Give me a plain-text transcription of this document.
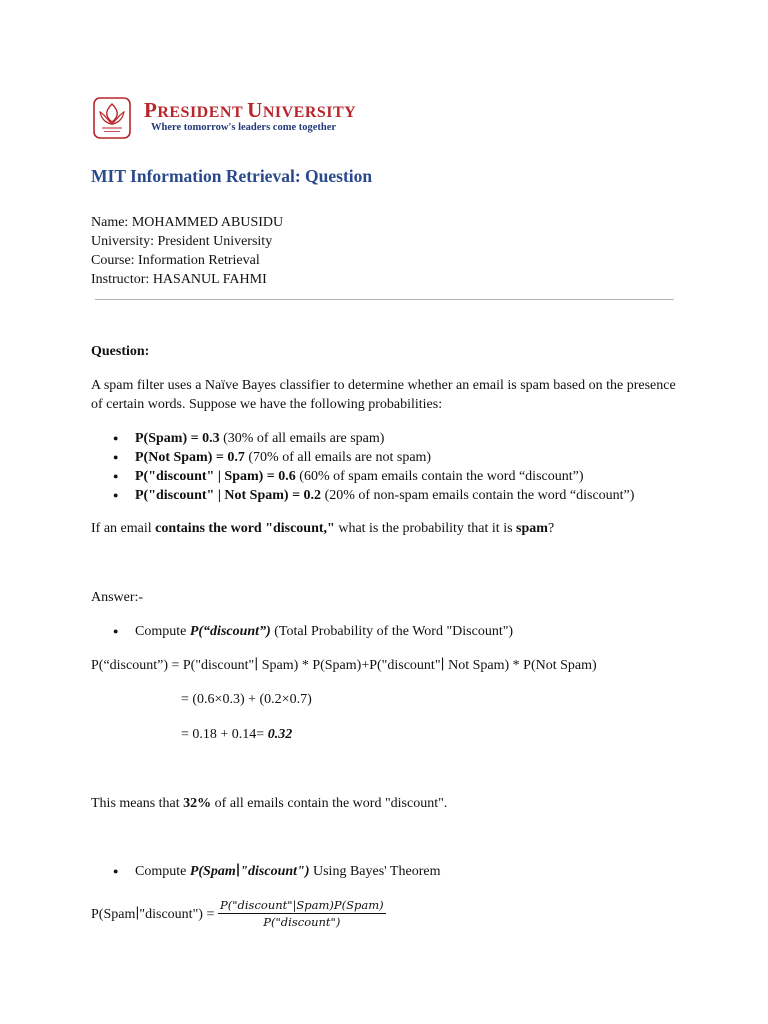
PRESIDENT UNIVERSITY
Where tomorrow's leaders come together
MIT Information Retrieval: Question
Name: MOHAMMED ABUSIDU
University: President University
Course: Information Retrieval
Instructor: HASANUL FAHMI
Question:
A spam filter uses a Naïve Bayes classifier to determine whether an email is spam based on the presence of certain words. Suppose we have the following probabilities:
● P(Spam) = 0.3 (30% of all emails are spam)
● P(Not Spam) = 0.7 (70% of all emails are not spam)
● P("discount" | Spam) = 0.6 (60% of spam emails contain the word “discount”)
● P("discount" | Not Spam) = 0.2 (20% of non-spam emails contain the word “discount”)
If an email contains the word "discount," what is the probability that it is spam?
Answer:-
● Compute P(“discount”) (Total Probability of the Word "Discount")
P(“discount”) = P("discount"∣ Spam) * P(Spam)+P("discount"∣ Not Spam) * P(Not Spam)
= (0.6×0.3) + (0.2×0.7)
= 0.18 + 0.14= 0.32
This means that 32% of all emails contain the word "discount".
● Compute P(Spam∣"discount") Using Bayes' Theorem
P(Spam∣"discount") =
P("discount"|Spam)P(Spam)
P("discount")
